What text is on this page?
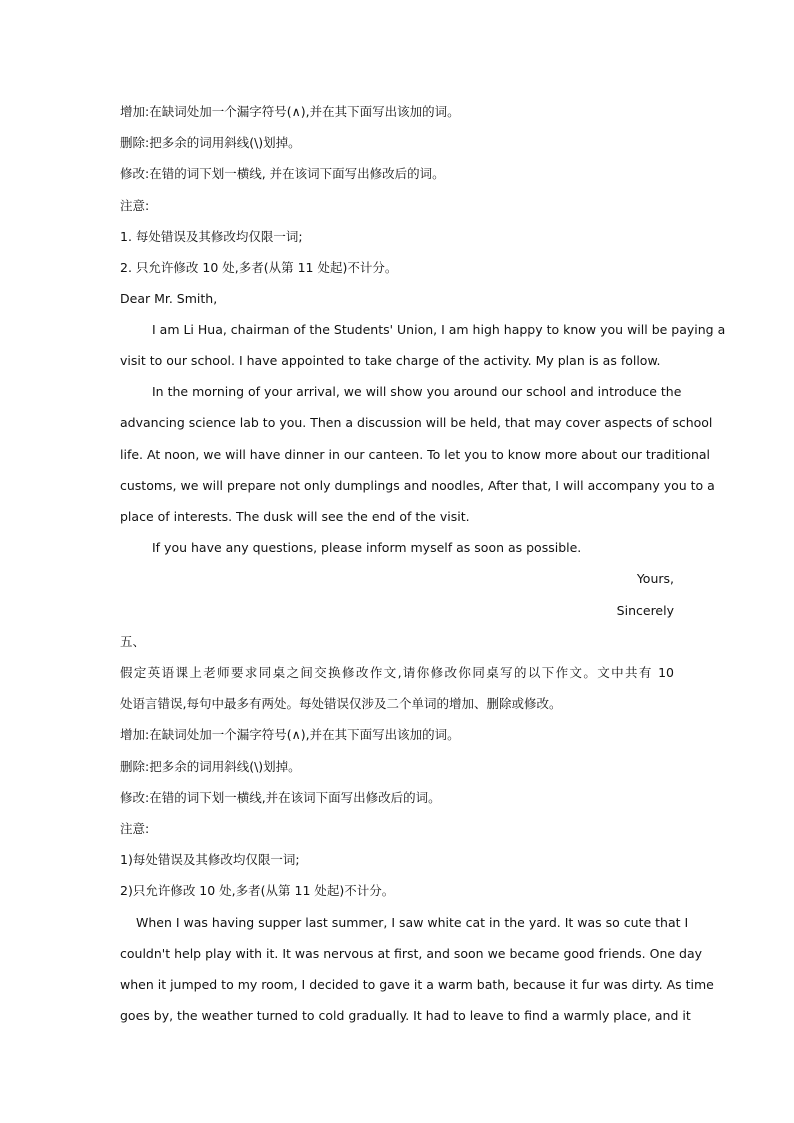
增加:在缺词处加一个漏字符号(∧),并在其下面写出该加的词。
删除:把多余的词用斜线(\)划掉。
修改:在错的词下划一横线, 并在该词下面写出修改后的词。
注意:
1. 每处错误及其修改均仅限一词;
2. 只允许修改 10 处,多者(从第 11 处起)不计分。
Dear Mr. Smith,
I am Li Hua, chairman of the Students' Union, I am high happy to know you will be paying a
visit to our school. I have appointed to take charge of the activity. My plan is as follow.
In the morning of your arrival, we will show you around our school and introduce the
advancing science lab to you. Then a discussion will be held, that may cover aspects of school
life. At noon, we will have dinner in our canteen. To let you to know more about our traditional
customs, we will prepare not only dumplings and noodles, After that, I will accompany you to a
place of interests. The dusk will see the end of the visit.
If you have any questions, please inform myself as soon as possible.
Yours,
Sincerely
五、
假定英语课上老师要求同桌之间交换修改作文,请你修改你同桌写的以下作文。文中共有 10
处语言错误,每句中最多有两处。每处错误仅涉及二个单词的增加、删除或修改。
增加:在缺词处加一个漏字符号(∧),并在其下面写出该加的词。
删除:把多余的词用斜线(\)划掉。
修改:在错的词下划一横线,并在该词下面写出修改后的词。
注意:
1)每处错误及其修改均仅限一词;
2)只允许修改 10 处,多者(从第 11 处起)不计分。
When I was having supper last summer, I saw white cat in the yard. It was so cute that I
couldn't help play with it. It was nervous at first, and soon we became good friends. One day
when it jumped to my room, I decided to gave it a warm bath, because it fur was dirty. As time
goes by, the weather turned to cold gradually. It had to leave to find a warmly place, and it
